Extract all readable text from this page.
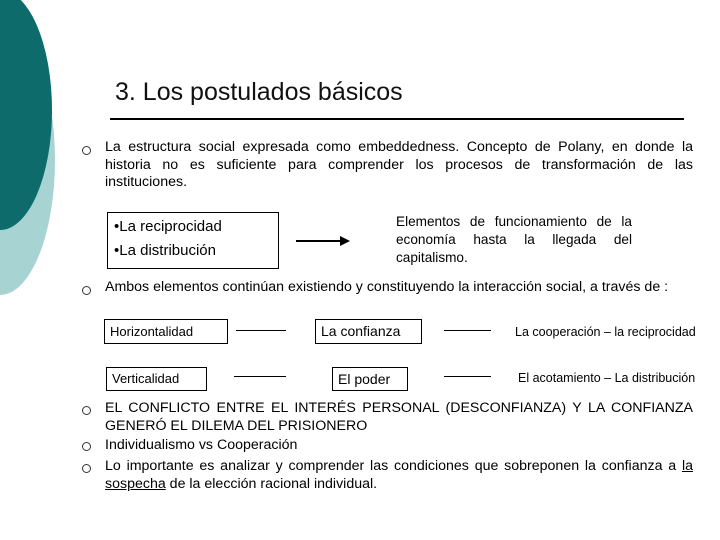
3. Los postulados básicos
La estructura social expresada como embeddedness. Concepto de Polany, en donde la historia no es suficiente para comprender los procesos de transformación de las instituciones.
•La reciprocidad
•La distribución
Elementos de funcionamiento de la economía hasta la llegada del capitalismo.
Ambos elementos continúan existiendo y constituyendo la interacción social, a través de :
Horizontalidad	La confianza	La cooperación – la reciprocidad
Verticalidad	El poder	El acotamiento – La distribución
EL CONFLICTO ENTRE EL INTERÉS PERSONAL (DESCONFIANZA) Y LA CONFIANZA GENERÓ EL DILEMA DEL PRISIONERO
Individualismo vs Cooperación
Lo importante es analizar y comprender las condiciones que sobreponen la confianza a la sospecha de la elección racional individual.
